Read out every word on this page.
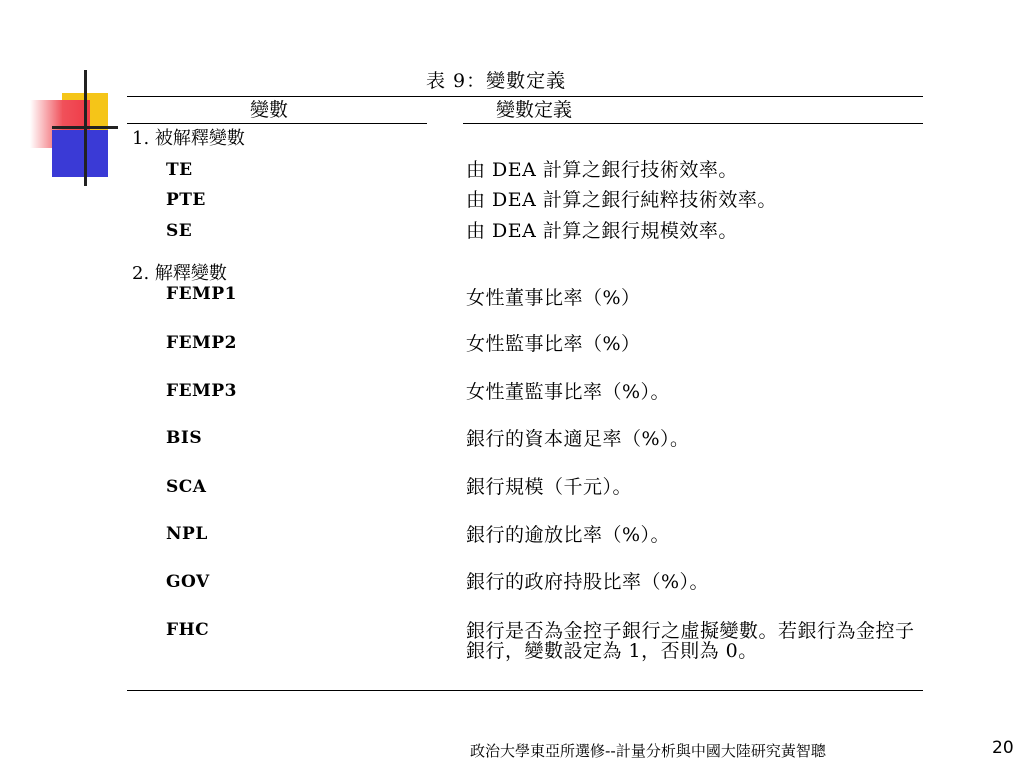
表 9：變數定義
變數	變數定義
1. 被解釋變數
TE	由 DEA 計算之銀行技術效率。
PTE	由 DEA 計算之銀行純粹技術效率。
SE	由 DEA 計算之銀行規模效率。
2. 解釋變數
FEMP1	女性董事比率（%）
FEMP2	女性監事比率（%）
FEMP3	女性董監事比率（%）。
BIS	銀行的資本適足率（%）。
SCA	銀行規模（千元）。
NPL	銀行的逾放比率（%）。
GOV	銀行的政府持股比率（%）。
FHC	銀行是否為金控子銀行之虛擬變數。若銀行為金控子銀行，變數設定為 1，否則為 0。
政治大學東亞所選修--計量分析與中國大陸研究黃智聰	20
